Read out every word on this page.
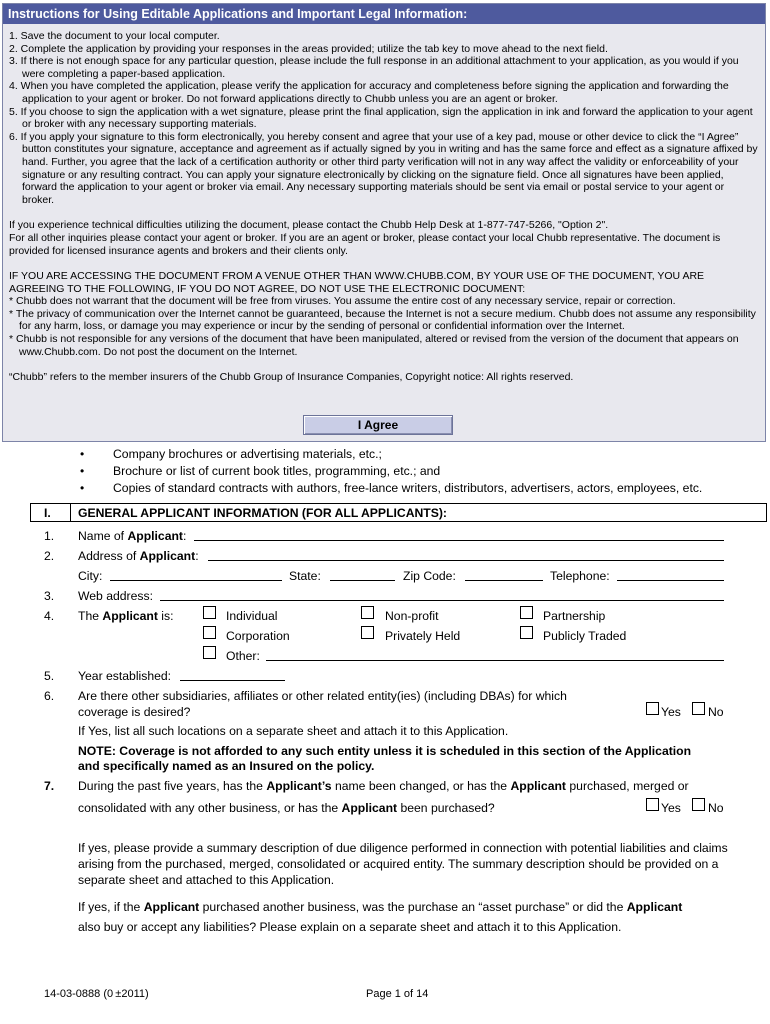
Instructions for Using Editable Applications and Important Legal Information:
1. Save the document to your local computer.
2. Complete the application by providing your responses in the areas provided; utilize the tab key to move ahead to the next field.
3. If there is not enough space for any particular question, please include the full response in an additional attachment to your application, as you would if you were completing a paper-based application.
4. When you have completed the application, please verify the application for accuracy and completeness before signing the application and forwarding the application to your agent or broker. Do not forward applications directly to Chubb unless you are an agent or broker.
5. If you choose to sign the application with a wet signature, please print the final application, sign the application in ink and forward the application to your agent or broker with any necessary supporting materials.
6. If you apply your signature to this form electronically, you hereby consent and agree that your use of a key pad, mouse or other device to click the “I Agree” button constitutes your signature, acceptance and agreement as if actually signed by you in writing and has the same force and effect as a signature affixed by hand. Further, you agree that the lack of a certification authority or other third party verification will not in any way affect the validity or enforceability of your signature or any resulting contract. You can apply your signature electronically by clicking on the signature field. Once all signatures have been applied, forward the application to your agent or broker via email. Any necessary supporting materials should be sent via email or postal service to your agent or broker.

If you experience technical difficulties utilizing the document, please contact the Chubb Help Desk at 1-877-747-5266, "Option 2".

For all other inquiries please contact your agent or broker. If you are an agent or broker, please contact your local Chubb representative. The document is provided for licensed insurance agents and brokers and their clients only.

IF YOU ARE ACCESSING THE DOCUMENT FROM A VENUE OTHER THAN WWW.CHUBB.COM, BY YOUR USE OF THE DOCUMENT, YOU ARE AGREEING TO THE FOLLOWING, IF YOU DO NOT AGREE, DO NOT USE THE ELECTRONIC DOCUMENT:

* Chubb does not warrant that the document will be free from viruses. You assume the entire cost of any necessary service, repair or correction.

* The privacy of communication over the Internet cannot be guaranteed, because the Internet is not a secure medium. Chubb does not assume any responsibility for any harm, loss, or damage you may experience or incur by the sending of personal or confidential information over the Internet.

* Chubb is not responsible for any versions of the document that have been manipulated, altered or revised from the version of the document that appears on www.Chubb.com. Do not post the document on the Internet.

“Chubb” refers to the member insurers of the Chubb Group of Insurance Companies, Copyright notice: All rights reserved.

I Agree
• Company brochures or advertising materials, etc.;
• Brochure or list of current book titles, programming, etc.; and
• Copies of standard contracts with authors, free-lance writers, distributors, advertisers, actors, employees, etc.
I. GENERAL APPLICANT INFORMATION (FOR ALL APPLICANTS):
1. Name of Applicant:
2. Address of Applicant:
City:	State:	Zip Code:	Telephone:
3. Web address:
4. The Applicant is:	Individual	Non-profit	Partnership
Corporation	Privately Held	Publicly Traded
Other:
5. Year established:
6. Are there other subsidiaries, affiliates or other related entity(ies) (including DBAs) for which
coverage is desired?	Yes No
If Yes, list all such locations on a separate sheet and attach it to this Application.
NOTE: Coverage is not afforded to any such entity unless it is scheduled in this section of the Application
and specifically named as an Insured on the policy.
7. During the past five years, has the Applicant’s name been changed, or has the Applicant purchased, merged or
consolidated with any other business, or has the Applicant been purchased?	Yes No
If yes, please provide a summary description of due diligence performed in connection with potential liabilities and claims arising from the purchased, merged, consolidated or acquired entity. The summary description should be provided on a separate sheet and attached to this Application.
If yes, if the Applicant purchased another business, was the purchase an “asset purchase” or did the Applicant
also buy or accept any liabilities? Please explain on a separate sheet and attach it to this Application.
14-03-0888 (0 ±2011)	Page 1 of 14
